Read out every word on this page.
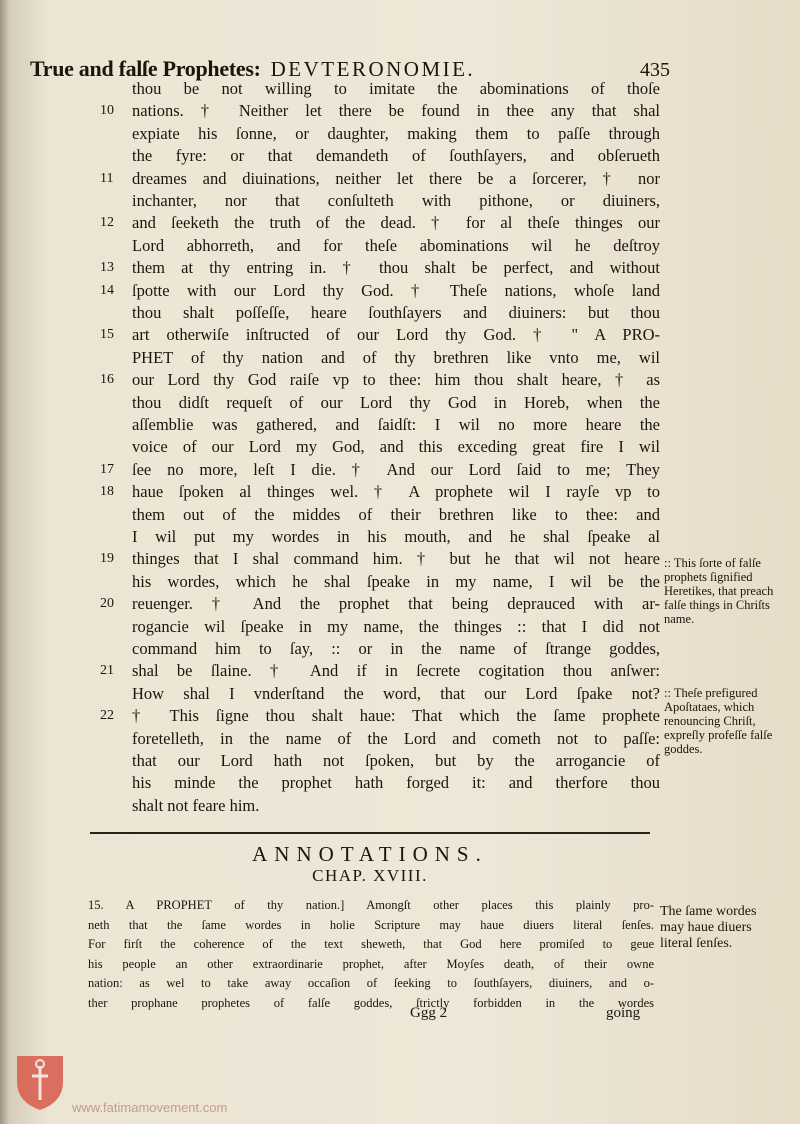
True and falſe Prophetes: DEVTERONOMIE.	435
thou be not willing to imitate the abominations of thoſe
10	nations. † Neither let there be found in thee any that shal
expiate his ſonne, or daughter, making them to paſſe through
the fyre: or that demandeth of ſouthſayers, and obſerueth
11	dreames and diuinations, neither let there be a ſorcerer, † nor
inchanter, nor that conſulteth with pithone, or diuiners,
12	and ſeeketh the truth of the dead. † for al theſe thinges our
Lord abhorreth, and for theſe abominations wil he deſtroy
13	them at thy entring in. † thou shalt be perfect, and without
14	ſpotte with our Lord thy God. † Theſe nations, whoſe land
thou shalt poſſeſſe, heare ſouthſayers and diuiners: but thou
15	art otherwiſe inſtructed of our Lord thy God. † " A PRO-
PHET of thy nation and of thy brethren like vnto me, wil
16	our Lord thy God raiſe vp to thee: him thou shalt heare, † as
thou didſt requeſt of our Lord thy God in Horeb, when the
aſſemblie was gathered, and ſaidſt: I wil no more heare the
voice of our Lord my God, and this exceding great fire I wil
17	ſee no more, leſt I die. † And our Lord ſaid to me; They
18	haue ſpoken al thinges wel. † A prophete wil I rayſe vp to
them out of the middes of their brethren like to thee: and
I wil put my wordes in his mouth, and he shal ſpeake al
19	thinges that I shal command him. † but he that wil not heare
his wordes, which he shal ſpeake in my name, I wil be the
20	reuenger. † And the prophet that being deprauced with ar-
rogancie wil ſpeake in my name, the thinges :: that I did not
command him to ſay, :: or in the name of ſtrange goddes,
21	shal be ſlaine. † And if in ſecrete cogitation thou anſwer:
How shal I vnderſtand the word, that our Lord ſpake not?
22	† This ſigne thou shalt haue: That which the ſame prophete
foretelleth, in the name of the Lord and cometh not to paſſe:
that our Lord hath not ſpoken, but by the arrogancie of
his minde the prophet hath forged it: and therfore thou
shalt not feare him.
:: This ſorte of falſe prophets ſignified Heretikes, that preach falſe things in Chriſts name.
:: Theſe prefigured Apoſtataes, which renouncing Chriſt, expreſly profeſſe falſe goddes.
ANNOTATIONS.
CHAP. XVIII.
15. A PROPHET of thy nation.] Amongſt other places this plainly pro-
neth that the ſame wordes in holie Scripture may haue diuers literal ſenſes.
For firſt the coherence of the text sheweth, that God here promiſed to geue
his people an other extraordinarie prophet, after Moyſes death, of their owne
nation: as wel to take away occaſion of ſeeking to ſouthſayers, diuiners, and o-
ther prophane prophetes of falſe goddes, ſtrictly forbidden in the wordes
The ſame wordes may haue diuers literal ſenſes.
Ggg 2	going
www.fatimamovement.com
